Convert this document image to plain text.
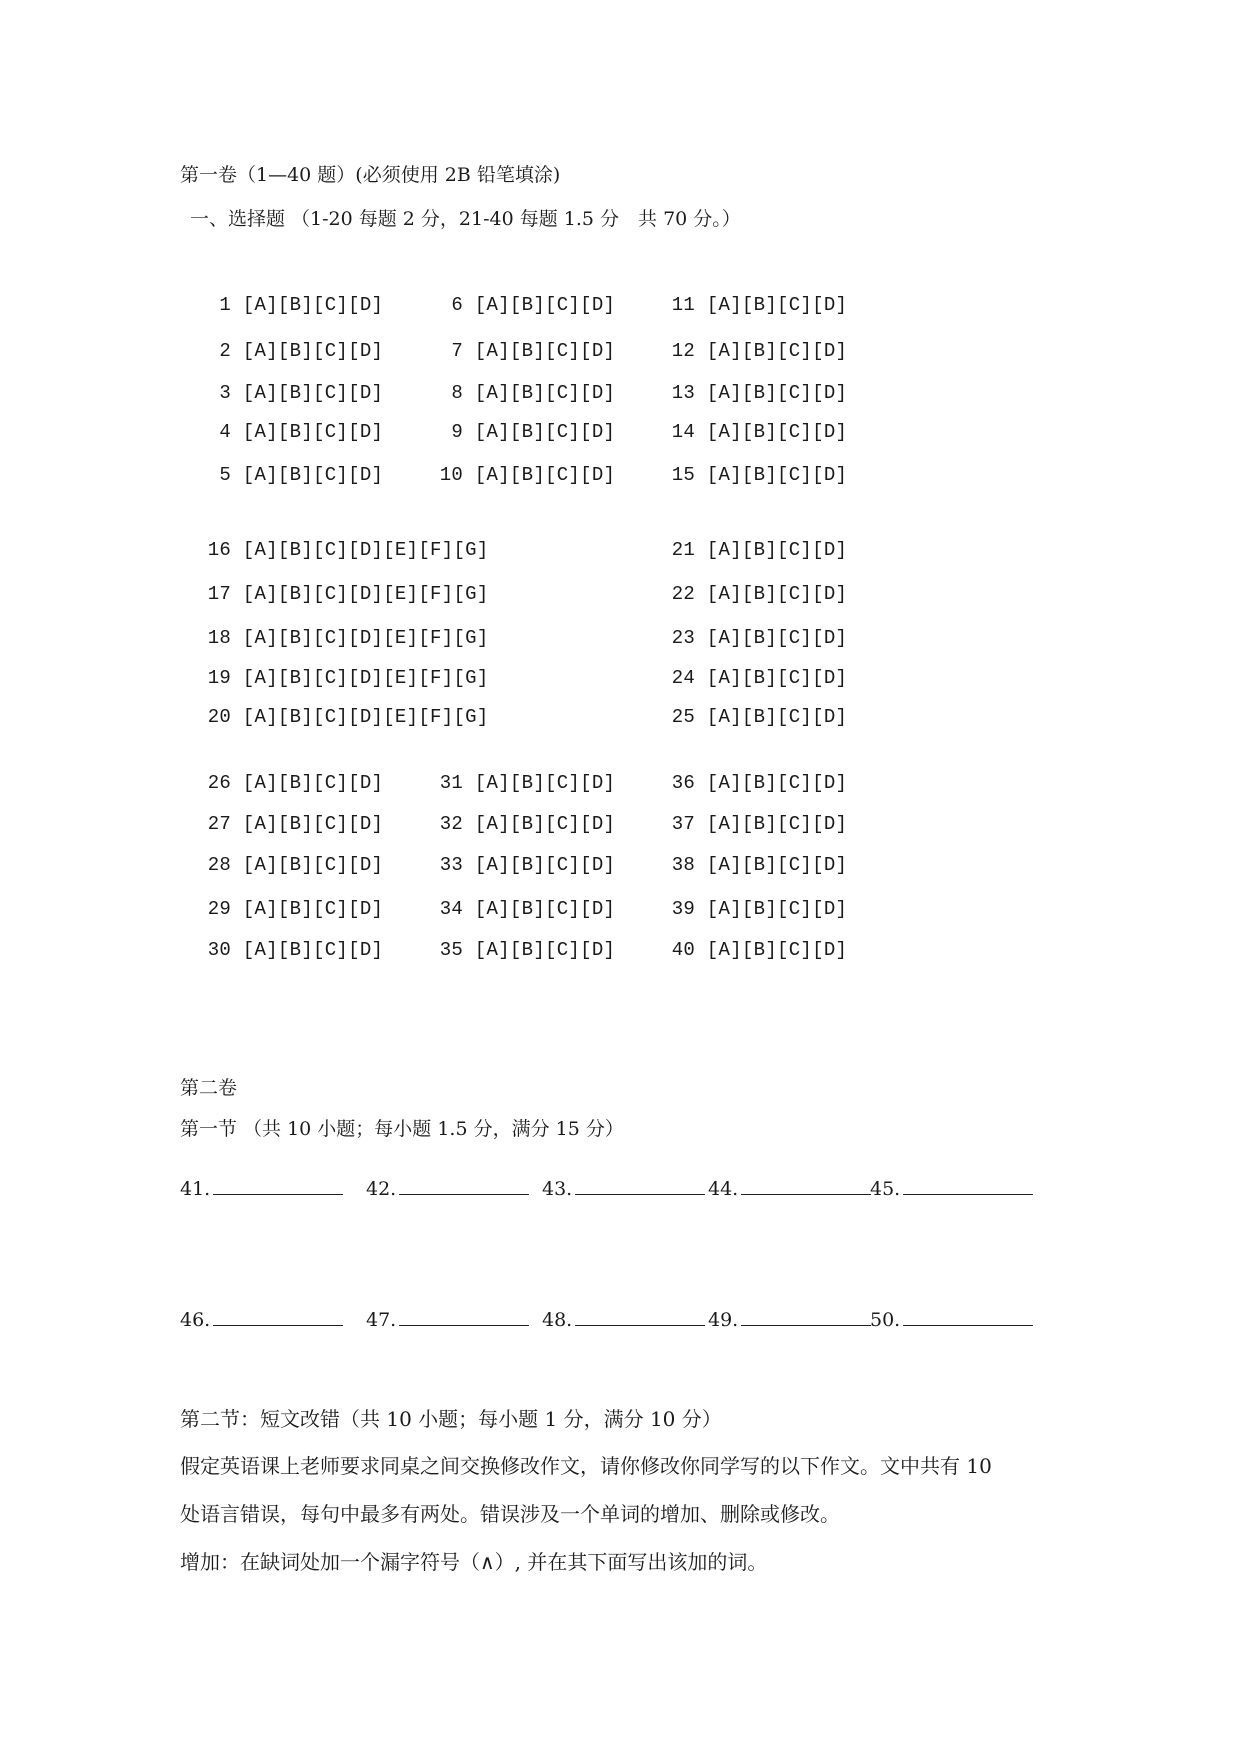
第一卷（1—40 题）(必须使用 2B 铅笔填涂)
一、选择题 （1-20 每题 2 分，21-40 每题 1.5 分　共 70 分。）
1 [A][B][C][D] 6 [A][B][C][D] 11 [A][B][C][D]
2 [A][B][C][D] 7 [A][B][C][D] 12 [A][B][C][D]
3 [A][B][C][D] 8 [A][B][C][D] 13 [A][B][C][D]
4 [A][B][C][D] 9 [A][B][C][D] 14 [A][B][C][D]
5 [A][B][C][D] 10 [A][B][C][D] 15 [A][B][C][D]
16 [A][B][C][D][E][F][G]	21 [A][B][C][D]
17 [A][B][C][D][E][F][G]	22 [A][B][C][D]
18 [A][B][C][D][E][F][G]	23 [A][B][C][D]
19 [A][B][C][D][E][F][G]	24 [A][B][C][D]
20 [A][B][C][D][E][F][G]	25 [A][B][C][D]
26 [A][B][C][D] 31 [A][B][C][D] 36 [A][B][C][D]
27 [A][B][C][D] 32 [A][B][C][D] 37 [A][B][C][D]
28 [A][B][C][D] 33 [A][B][C][D] 38 [A][B][C][D]
29 [A][B][C][D] 34 [A][B][C][D] 39 [A][B][C][D]
30 [A][B][C][D] 35 [A][B][C][D] 40 [A][B][C][D]
第二卷
第一节 （共 10 小题；每小题 1.5 分，满分 15 分）
41.	42.	43.	44.	45.
46.	47.	48.	49.	50.
第二节：短文改错（共 10 小题；每小题 1 分，满分 10 分）
假定英语课上老师要求同桌之间交换修改作文，请你修改你同学写的以下作文。文中共有 10
处语言错误，每句中最多有两处。错误涉及一个单词的增加、删除或修改。
增加：在缺词处加一个漏字符号（∧）, 并在其下面写出该加的词。
